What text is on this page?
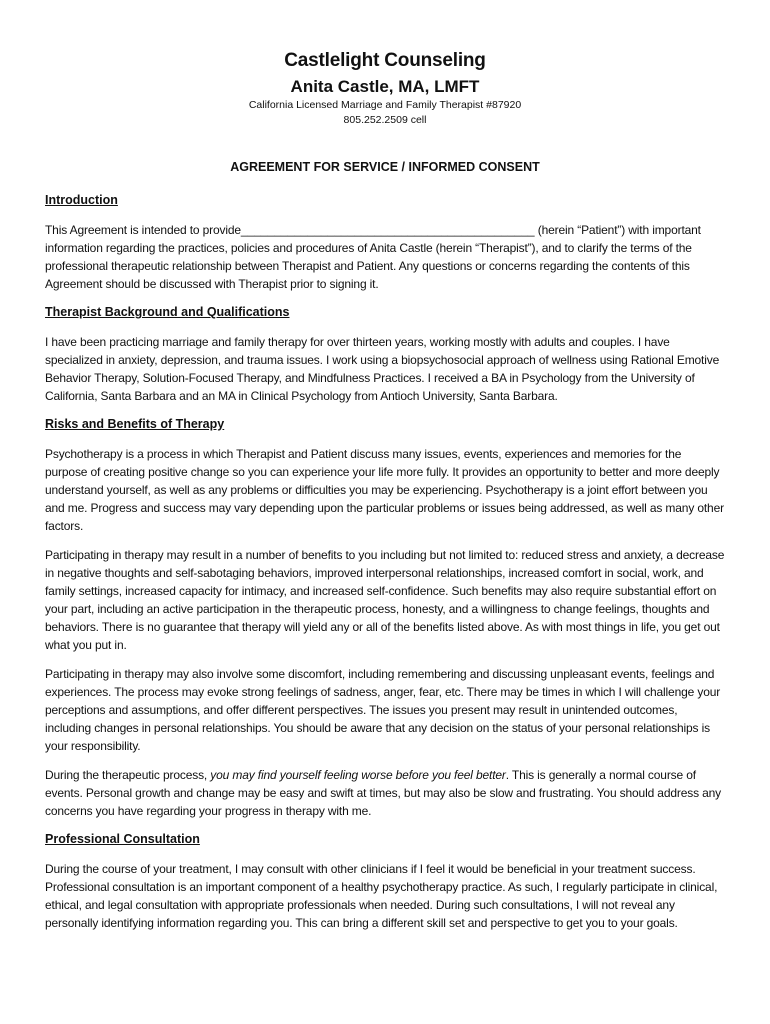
Castlelight Counseling
Anita Castle, MA, LMFT
California Licensed Marriage and Family Therapist #87920
805.252.2509 cell
AGREEMENT FOR SERVICE / INFORMED CONSENT
Introduction

This Agreement is intended to provide____________________________________________ (herein “Patient”) with important information regarding the practices, policies and procedures of Anita Castle (herein “Therapist”), and to clarify the terms of the professional therapeutic relationship between Therapist and Patient. Any questions or concerns regarding the contents of this Agreement should be discussed with Therapist prior to signing it.

Therapist Background and Qualifications

I have been practicing marriage and family therapy for over thirteen years, working mostly with adults and couples. I have specialized in anxiety, depression, and trauma issues. I work using a biopsychosocial approach of wellness using Rational Emotive Behavior Therapy, Solution-Focused Therapy, and Mindfulness Practices. I received a BA in Psychology from the University of California, Santa Barbara and an MA in Clinical Psychology from Antioch University, Santa Barbara.

Risks and Benefits of Therapy

Psychotherapy is a process in which Therapist and Patient discuss many issues, events, experiences and memories for the purpose of creating positive change so you can experience your life more fully. It provides an opportunity to better and more deeply understand yourself, as well as any problems or difficulties you may be experiencing. Psychotherapy is a joint effort between you and me. Progress and success may vary depending upon the particular problems or issues being addressed, as well as many other factors.

Participating in therapy may result in a number of benefits to you including but not limited to: reduced stress and anxiety, a decrease in negative thoughts and self-sabotaging behaviors, improved interpersonal relationships, increased comfort in social, work, and family settings, increased capacity for intimacy, and increased self-confidence. Such benefits may also require substantial effort on your part, including an active participation in the therapeutic process, honesty, and a willingness to change feelings, thoughts and behaviors. There is no guarantee that therapy will yield any or all of the benefits listed above. As with most things in life, you get out what you put in.

Participating in therapy may also involve some discomfort, including remembering and discussing unpleasant events, feelings and experiences. The process may evoke strong feelings of sadness, anger, fear, etc. There may be times in which I will challenge your perceptions and assumptions, and offer different perspectives. The issues you present may result in unintended outcomes, including changes in personal relationships. You should be aware that any decision on the status of your personal relationships is your responsibility.

During the therapeutic process, you may find yourself feeling worse before you feel better. This is generally a normal course of events. Personal growth and change may be easy and swift at times, but may also be slow and frustrating. You should address any concerns you have regarding your progress in therapy with me.

Professional Consultation

During the course of your treatment, I may consult with other clinicians if I feel it would be beneficial in your treatment success. Professional consultation is an important component of a healthy psychotherapy practice. As such, I regularly participate in clinical, ethical, and legal consultation with appropriate professionals when needed. During such consultations, I will not reveal any personally identifying information regarding you. This can bring a different skill set and perspective to get you to your goals.
